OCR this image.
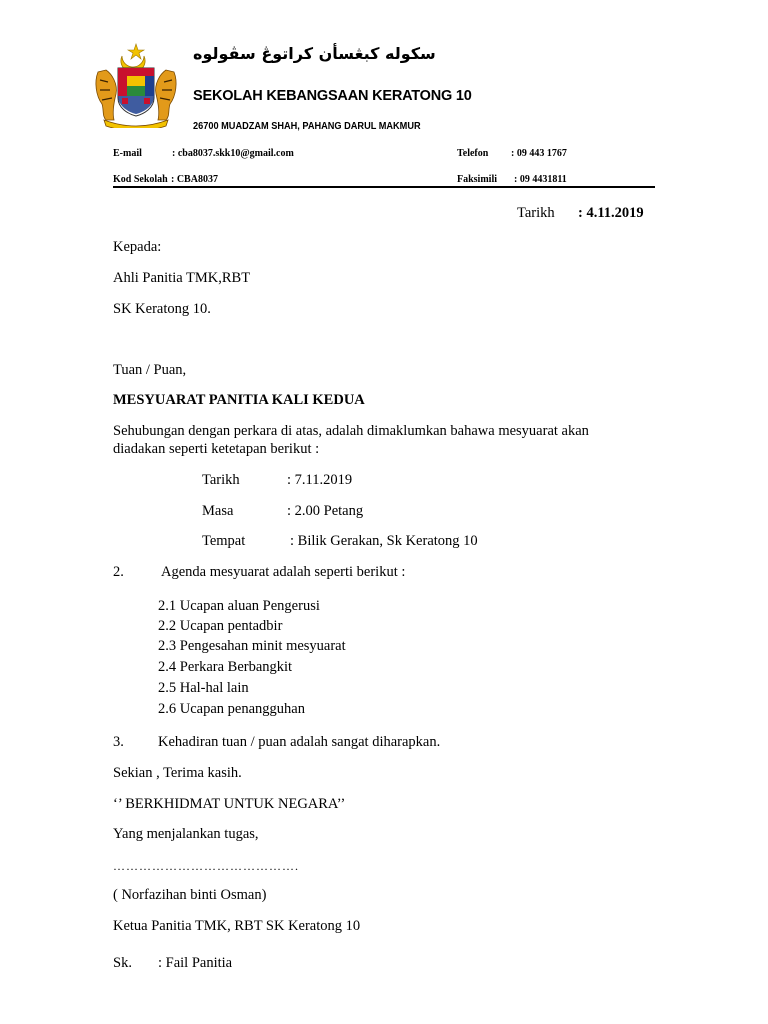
سکوله کبڠسأن کراتوڠ سڤولوه
SEKOLAH KEBANGSAAN KERATONG 10
26700 MUADZAM SHAH, PAHANG DARUL MAKMUR
E-mail	: cba8037.skk10@gmail.com	Telefon : 09 443 1767
Kod Sekolah : CBA8037	Faksimili : 09 4431811
Tarikh : 4.11.2019
Kepada:
Ahli Panitia TMK,RBT
SK Keratong 10.
Tuan / Puan,
MESYUARAT PANITIA KALI KEDUA
Sehubungan dengan perkara di atas, adalah dimaklumkan bahawa mesyuarat akan
diadakan seperti ketetapan berikut :
Tarikh	: 7.11.2019
Masa	: 2.00 Petang
Tempat	: Bilik Gerakan, Sk Keratong 10
2.	Agenda mesyuarat adalah seperti berikut :
2.1 Ucapan aluan Pengerusi
2.2 Ucapan pentadbir
2.3 Pengesahan minit mesyuarat
2.4 Perkara Berbangkit
2.5 Hal-hal lain
2.6 Ucapan penangguhan
3. Kehadiran tuan / puan adalah sangat diharapkan.
Sekian , Terima kasih.
‘’ BERKHIDMAT UNTUK NEGARA’’
Yang menjalankan tugas,
…………………………………….
( Norfazihan binti Osman)
Ketua Panitia TMK, RBT SK Keratong 10
Sk. : Fail Panitia
